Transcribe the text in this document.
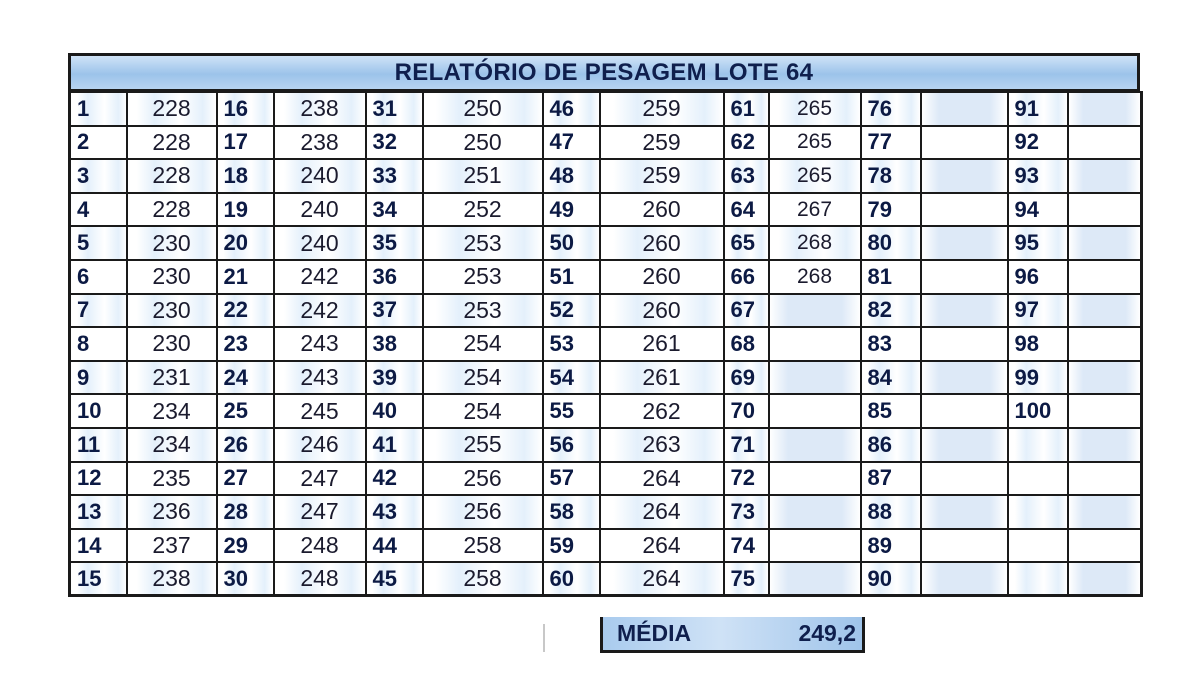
RELATÓRIO DE PESAGEM LOTE 64
1	228	16	238	31	250	46	259	61	265	76		91	
2	228	17	238	32	250	47	259	62	265	77		92	
3	228	18	240	33	251	48	259	63	265	78		93	
4	228	19	240	34	252	49	260	64	267	79		94	
5	230	20	240	35	253	50	260	65	268	80		95	
6	230	21	242	36	253	51	260	66	268	81		96	
7	230	22	242	37	253	52	260	67		82		97	
8	230	23	243	38	254	53	261	68		83		98	
9	231	24	243	39	254	54	261	69		84		99	
10	234	25	245	40	254	55	262	70		85		100	
11	234	26	246	41	255	56	263	71		86			
12	235	27	247	42	256	57	264	72		87			
13	236	28	247	43	256	58	264	73		88			
14	237	29	248	44	258	59	264	74		89			
15	238	30	248	45	258	60	264	75		90			
MÉDIA	249,2
